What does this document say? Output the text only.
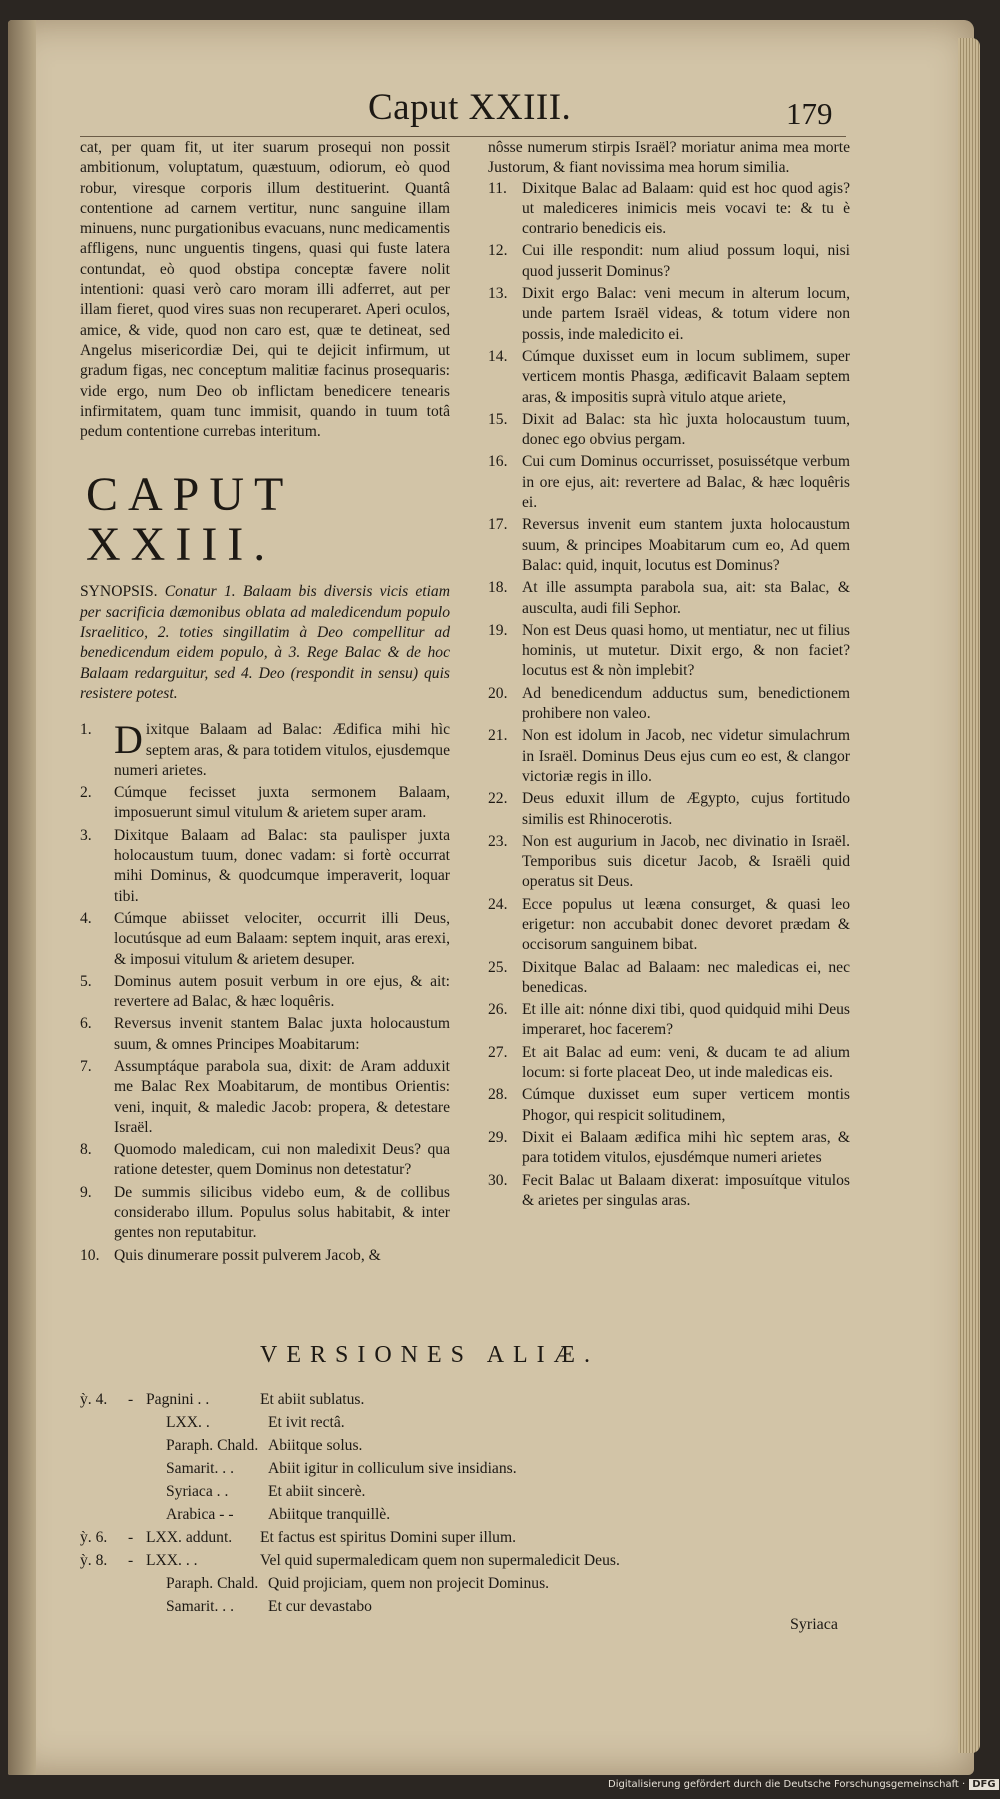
Caput XXIII.	179

cat, per quam fit, ut iter suarum prosequi non possit ambitionum, voluptatum, quæstuum, odiorum, eò quod robur, viresque corporis illum destituerint. Quantâ contentione ad carnem vertitur, nunc sanguine illam minuens, nunc purgationibus evacuans, nunc medicamentis affligens, nunc unguentis tingens, quasi qui fuste latera contundat, eò quod obstipa conceptæ favere nolit intentioni: quasi verò caro moram illi adferret, aut per illam fieret, quod vires suas non recuperaret. Aperi oculos, amice, & vide, quod non caro est, quæ te detineat, sed Angelus misericordiæ Dei, qui te dejicit infirmum, ut gradum figas, nec conceptum malitiæ facinus prosequaris: vide ergo, num Deo ob inflictam benedicere tenearis infirmitatem, quam tunc immisit, quando in tuum totâ pedum contentione currebas interitum.

CAPUT XXIII.

SYNOPSIS. Conatur 1. Balaam bis diversis vicis etiam per sacrificia dæmonibus oblata ad maledicendum populo Israelitico, 2. toties singillatim à Deo compellitur ad benedicendum eidem populo, à 3. Rege Balac & de hoc Balaam redarguitur, sed 4. Deo (respondit in sensu) quis resistere potest.

1. D ixitque Balaam ad Balac: Ædifica mihi hìc septem aras, & para totidem vitulos, ejusdemque numeri arietes.
2.	Cúmque fecisset juxta sermonem Balaam, imposuerunt simul vitulum & arietem super aram.
3.	Dixitque Balaam ad Balac: sta paulisper juxta holocaustum tuum, donec vadam: si fortè occurrat mihi Dominus, & quodcumque imperaverit, loquar tibi.
4.	Cúmque abiisset velociter, occurrit illi Deus, locutúsque ad eum Balaam: septem inquit, aras erexi, & imposui vitulum & arietem desuper.
5.	Dominus autem posuit verbum in ore ejus, & ait: revertere ad Balac, & hæc loquêris.
6.	Reversus invenit stantem Balac juxta holocaustum suum, & omnes Principes Moabitarum:
7.	Assumptáque parabola sua, dixit: de Aram adduxit me Balac Rex Moabitarum, de montibus Orientis: veni, inquit, & maledic Jacob: propera, & detestare Israël.
8.	Quomodo maledicam, cui non maledixit Deus? qua ratione detester, quem Dominus non detestatur?
9.	De summis silicibus videbo eum, & de collibus considerabo illum. Populus solus habitabit, & inter gentes non reputabitur.
10. Quis dinumerare possit pulverem Jacob, &

nôsse numerum stirpis Israël? moriatur anima mea morte Justorum, & fiant novissima mea horum similia.

11. Dixitque Balac ad Balaam: quid est hoc quod agis? ut malediceres inimicis meis vocavi te: & tu è contrario benedicis eis.
12. Cui ille respondit: num aliud possum loqui, nisi quod jusserit Dominus?
13. Dixit ergo Balac: veni mecum in alterum locum, unde partem Israël videas, & totum videre non possis, inde maledicito ei.
14. Cúmque duxisset eum in locum sublimem, super verticem montis Phasga, ædificavit Balaam septem aras, & impositis suprà vitulo atque ariete,
15. Dixit ad Balac: sta hìc juxta holocaustum tuum, donec ego obvius pergam.
16. Cui cum Dominus occurrisset, posuissétque verbum in ore ejus, ait: revertere ad Balac, & hæc loquêris ei.
17. Reversus invenit eum stantem juxta holocaustum suum, & principes Moabitarum cum eo, Ad quem Balac: quid, inquit, locutus est Dominus?
18. At ille assumpta parabola sua, ait: sta Balac, & ausculta, audi fili Sephor.
19. Non est Deus quasi homo, ut mentiatur, nec ut filius hominis, ut mutetur. Dixit ergo, & non faciet? locutus est & nòn implebit?
20. Ad benedicendum adductus sum, benedictionem prohibere non valeo.
21. Non est idolum in Jacob, nec videtur simulachrum in Israël. Dominus Deus ejus cum eo est, & clangor victoriæ regis in illo.
22. Deus eduxit illum de Ægypto, cujus fortitudo similis est Rhinocerotis.
23. Non est augurium in Jacob, nec divinatio in Israël. Temporibus suis dicetur Jacob, & Israëli quid operatus sit Deus.
24. Ecce populus ut leæna consurget, & quasi leo erigetur: non accubabit donec devoret prædam & occisorum sanguinem bibat.
25. Dixitque Balac ad Balaam: nec maledicas ei, nec benedicas.
26. Et ille ait: nónne dixi tibi, quod quidquid mihi Deus imperaret, hoc facerem?
27. Et ait Balac ad eum: veni, & ducam te ad alium locum: si forte placeat Deo, ut inde maledicas eis.
28. Cúmque duxisset eum super verticem montis Phogor, qui respicit solitudinem,
29. Dixit ei Balaam ædifica mihi hìc septem aras, & para totidem vitulos, ejusdémque numeri arietes
30. Fecit Balac ut Balaam dixerat: imposuítque vitulos & arietes per singulas aras.
VERSIONES ALIÆ.
ỳ. 4. - Pagnini . .	Et abiit sublatus.
LXX. .	Et ivit rectâ.
Paraph. Chald. Abiitque solus.
Samarit. . . Abiit igitur in colliculum sive insidians.
Syriaca . .	Et abiit sincerè.
Arabica - - Abiitque tranquillè.
ỳ. 6. - LXX. addunt. Et factus est spiritus Domini super illum.
ỳ. 8. - LXX. . .	Vel quid supermaledicam quem non supermaledicit Deus.
Paraph. Chald. Quid projiciam, quem non projecit Dominus.
Samarit. . . Et cur devastabo
Syriaca
Digitalisierung gefördert durch die Deutsche Forschungsgemeinschaft · DFG
